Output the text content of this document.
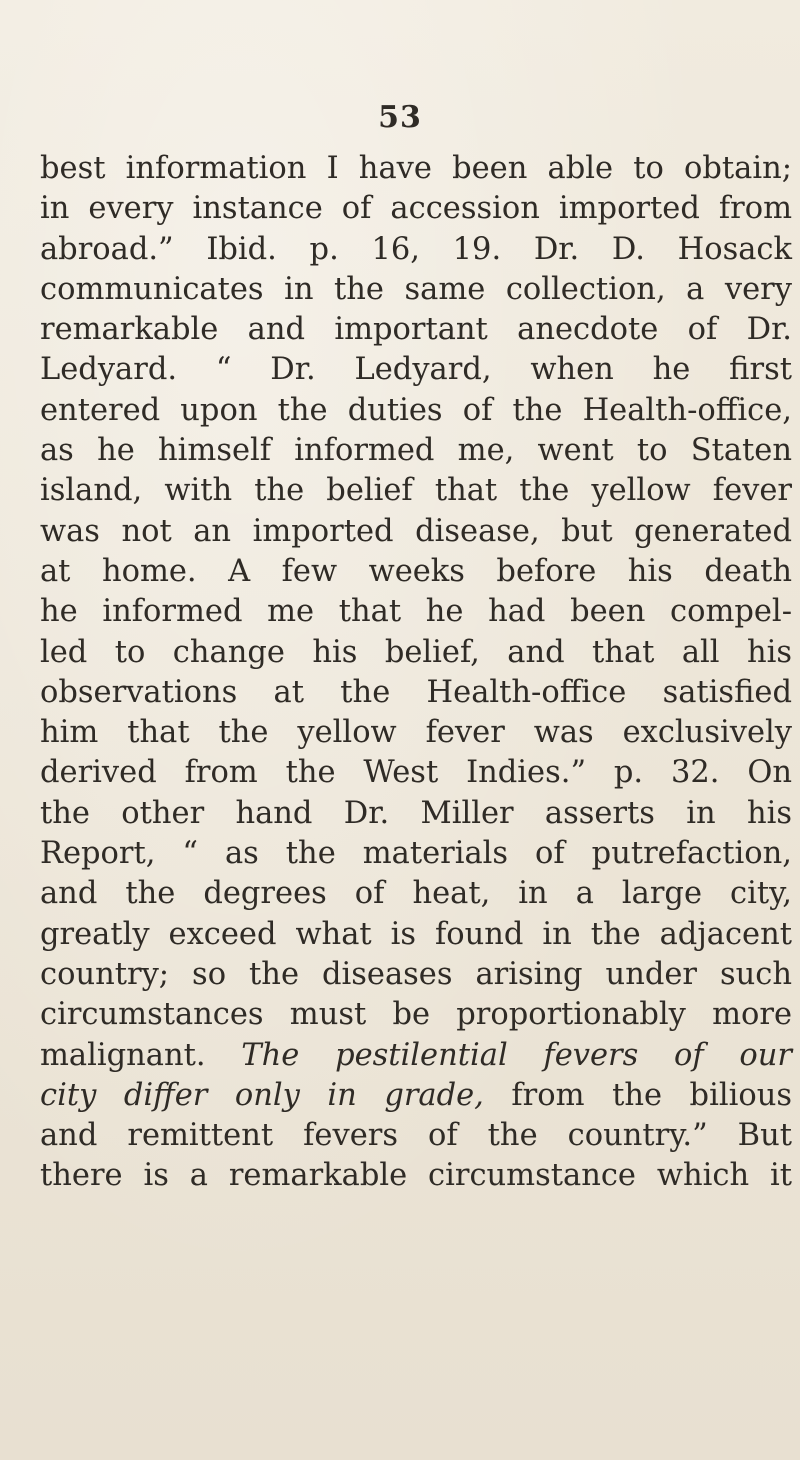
53
best information I have been able to obtain;
in every instance of accession imported from
abroad.” Ibid. p. 16, 19. Dr. D. Hosack
communicates in the same collection, a very
remarkable and important anecdote of Dr.
Ledyard. “ Dr. Ledyard, when he first
entered upon the duties of the Health-office,
as he himself informed me, went to Staten
island, with the belief that the yellow fever
was not an imported disease, but generated
at home. A few weeks before his death
he informed me that he had been compel-
led to change his belief, and that all his
observations at the Health-office satisfied
him that the yellow fever was exclusively
derived from the West Indies.” p. 32. On
the other hand Dr. Miller asserts in his
Report, “ as the materials of putrefaction,
and the degrees of heat, in a large city,
greatly exceed what is found in the adjacent
country; so the diseases arising under such
circumstances must be proportionably more
malignant. The pestilential fevers of our
city differ only in grade, from the bilious
and remittent fevers of the country.” But
there is a remarkable circumstance which it
